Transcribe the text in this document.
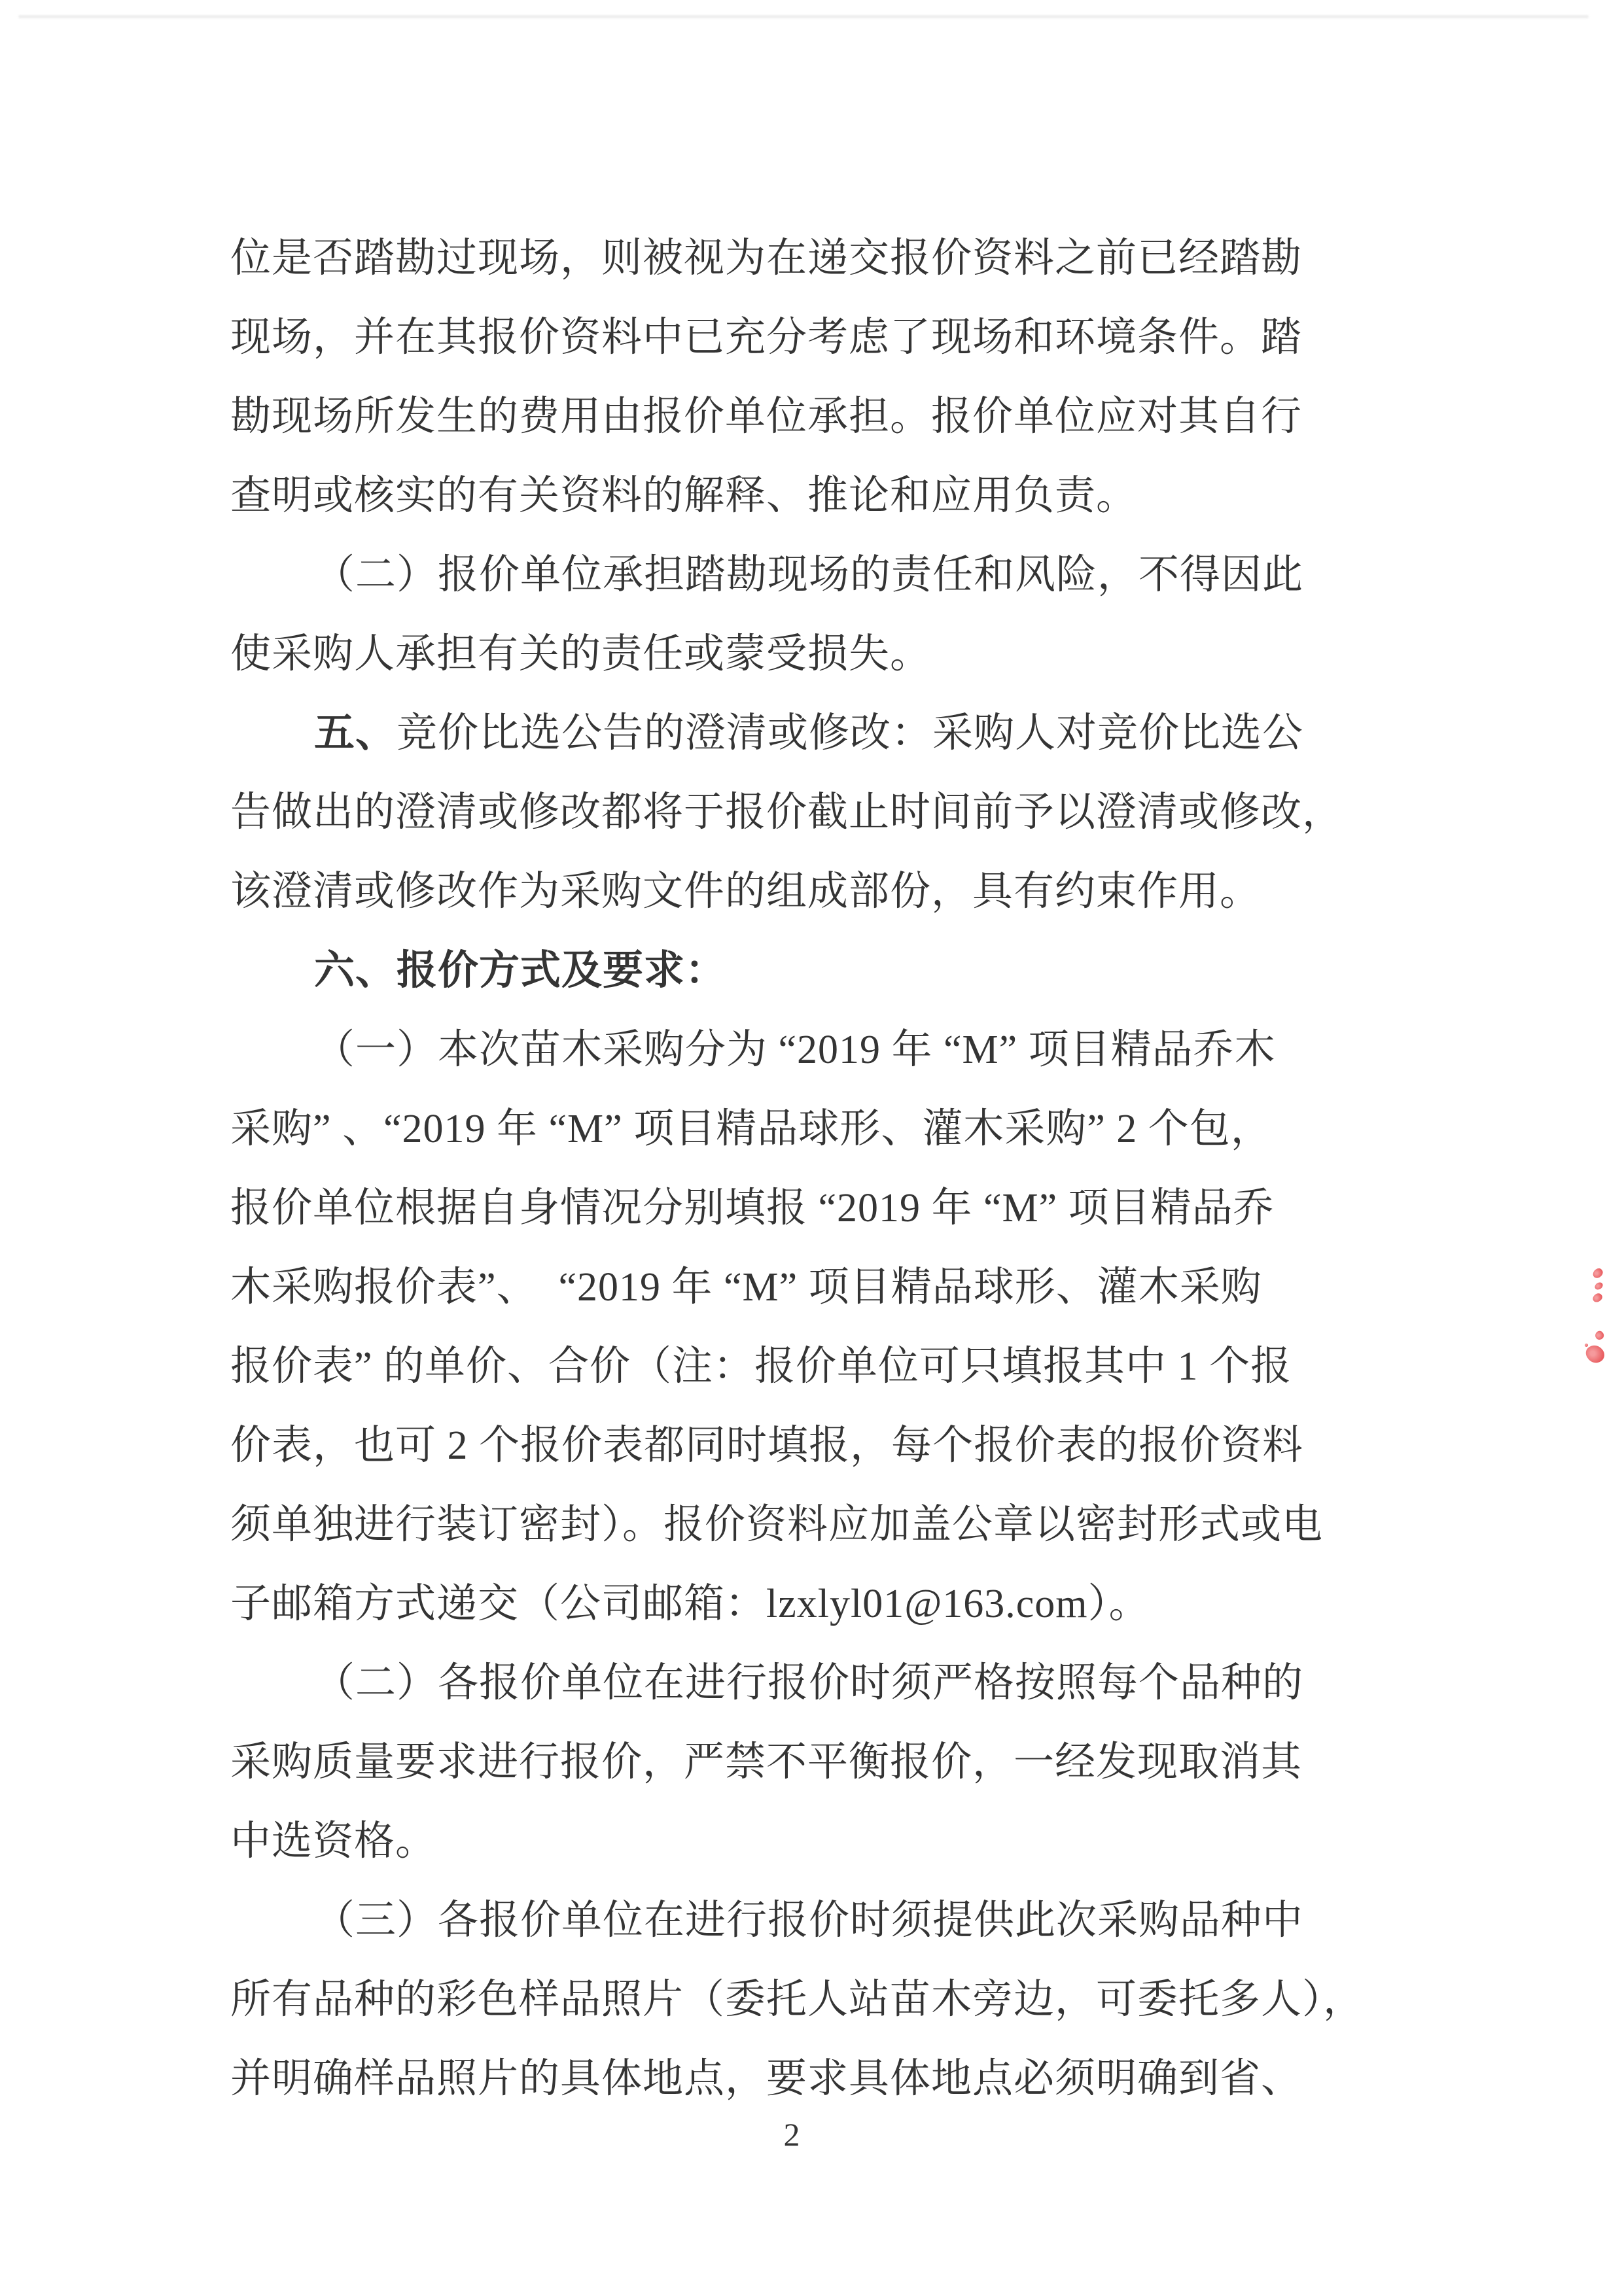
位是否踏勘过现场，则被视为在递交报价资料之前已经踏勘
现场，并在其报价资料中已充分考虑了现场和环境条件。踏
勘现场所发生的费用由报价单位承担。报价单位应对其自行
查明或核实的有关资料的解释、推论和应用负责。
（二）报价单位承担踏勘现场的责任和风险，不得因此
使采购人承担有关的责任或蒙受损失。
五、竞价比选公告的澄清或修改：采购人对竞价比选公
告做出的澄清或修改都将于报价截止时间前予以澄清或修改，
该澄清或修改作为采购文件的组成部份，具有约束作用。
六、报价方式及要求：
（一）本次苗木采购分为 “2019 年 “M” 项目精品乔木
采购” 、“2019 年 “M” 项目精品球形、灌木采购” 2 个包，
报价单位根据自身情况分别填报 “2019 年 “M” 项目精品乔
木采购报价表”、　“2019 年 “M” 项目精品球形、灌木采购
报价表” 的单价、合价（注：报价单位可只填报其中 1 个报
价表，也可 2 个报价表都同时填报，每个报价表的报价资料
须单独进行装订密封）。报价资料应加盖公章以密封形式或电
子邮箱方式递交（公司邮箱：lzxlyl01@163.com）。
（二）各报价单位在进行报价时须严格按照每个品种的
采购质量要求进行报价，严禁不平衡报价，一经发现取消其
中选资格。
（三）各报价单位在进行报价时须提供此次采购品种中
所有品种的彩色样品照片（委托人站苗木旁边，可委托多人），
并明确样品照片的具体地点，要求具体地点必须明确到省、
2
